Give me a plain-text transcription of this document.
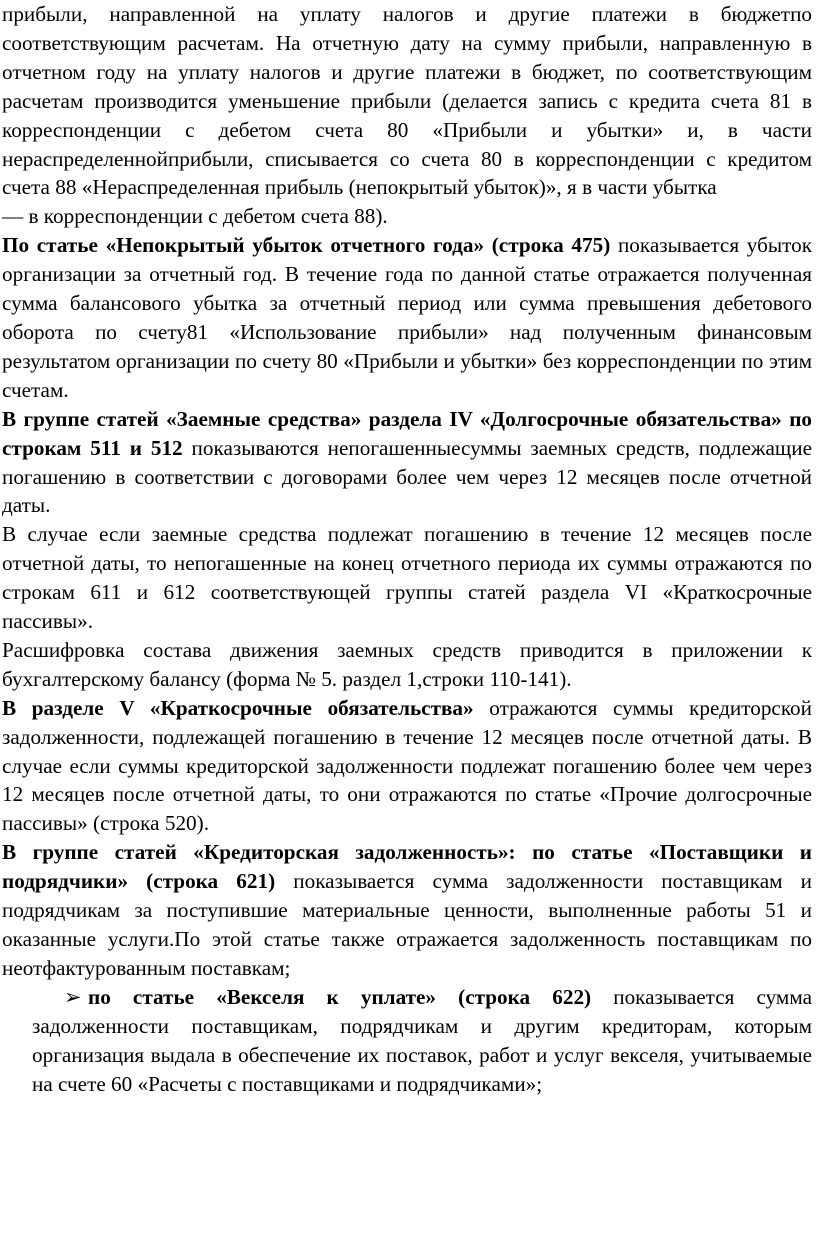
прибыли, направленной на уплату налогов и другие платежи в бюджетпо соответствующим расчетам. На отчетную дату на сумму прибыли, направленную в отчетном году на уплату налогов и другие платежи в бюджет, по соответствующим расчетам производится уменьшение прибыли (делается запись с кредита счета 81 в корреспонденции с дебетом счета 80 «Прибыли и убытки» и, в части нераспределеннойприбыли, списывается со счета 80 в корреспонденции с кредитом счета 88 «Нераспределенная прибыль (непокрытый убыток)», я в части убытка

— в корреспонденции с дебетом счета 88).

По статье «Непокрытый убыток отчетного года» (строка 475) показывается убыток организации за отчетный год. В течение года по данной статье отражается полученная сумма балансового убытка за отчетный период или сумма превышения дебетового оборота по счету81 «Использование прибыли» над полученным финансовым результатом организации по счету 80 «Прибыли и убытки» без корреспонденции по этим счетам.

В группе статей «Заемные средства» раздела IV «Долгосрочные обязательства» по строкам 511 и 512 показываются непогашенныесуммы заемных средств, подлежащие погашению в соответствии с договорами более чем через 12 месяцев после отчетной даты.

В случае если заемные средства подлежат погашению в течение 12 месяцев после отчетной даты, то непогашенные на конец отчетного периода их суммы отражаются по строкам 611 и 612 соответствующей группы статей раздела VI «Краткосрочные пассивы».

Расшифровка состава движения заемных средств приводится в приложении к бухгалтерскому балансу (форма № 5. раздел 1,строки 110-141).

В разделе V «Краткосрочные обязательства» отражаются суммы кредиторской задолженности, подлежащей погашению в течение 12 месяцев после отчетной даты. В случае если суммы кредиторской задолженности подлежат погашению более чем через 12 месяцев после отчетной даты, то они отражаются по статье «Прочие долгосрочные пассивы» (строка 520).

В группе статей «Кредиторская задолженность»: по статье «Поставщики и подрядчики» (строка 621) показывается сумма задолженности поставщикам и подрядчикам за поступившие материальные ценности, выполненные работы 51 и оказанные услуги.По этой статье также отражается задолженность поставщикам по неотфактурованным поставкам;

➢ по статье «Векселя к уплате» (строка 622) показывается сумма задолженности поставщикам, подрядчикам и другим кредиторам, которым организация выдала в обеспечение их поставок, работ и услуг векселя, учитываемые на счете 60 «Расчеты с поставщиками и подрядчиками»;
